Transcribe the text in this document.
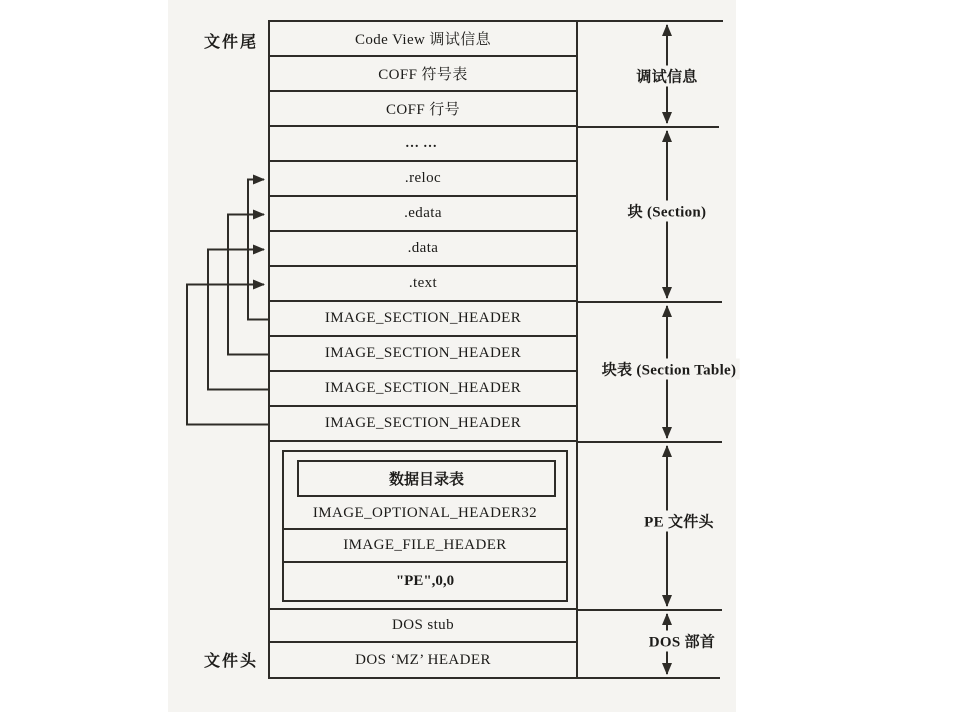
文件尾
文件头
Code View 调试信息
COFF 符号表
COFF 行号
……
.reloc
.edata
.data
.text
IMAGE_SECTION_HEADER
IMAGE_SECTION_HEADER
IMAGE_SECTION_HEADER
IMAGE_SECTION_HEADER
数据目录表
IMAGE_OPTIONAL_HEADER32
IMAGE_FILE_HEADER
"PE",0,0
DOS stub
DOS ‘MZ’ HEADER
调试信息
块 (Section)
块表 (Section Table)
PE 文件头
DOS 部首
